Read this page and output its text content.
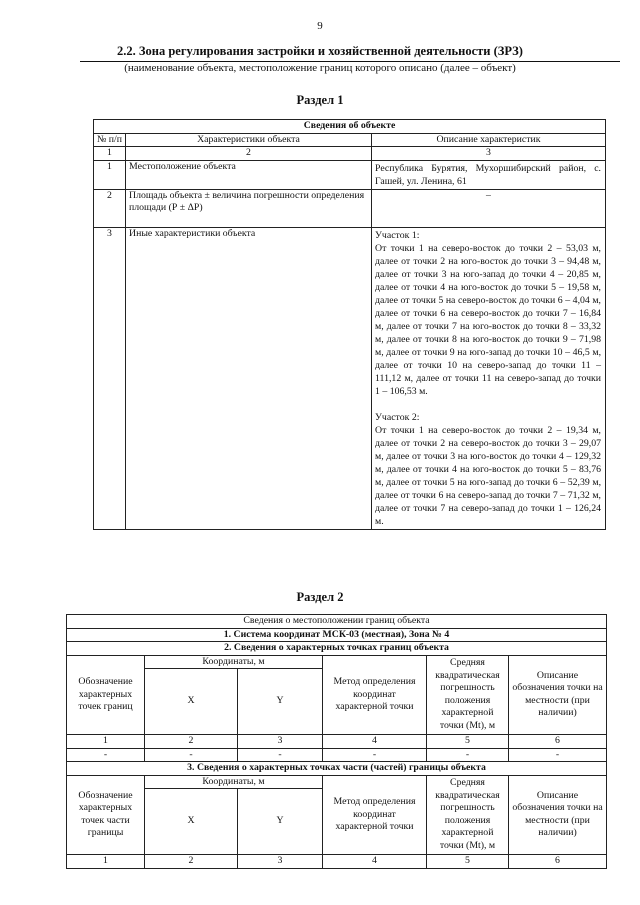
9
2.2. Зона регулирования застройки и хозяйственной деятельности (ЗРЗ)
(наименование объекта, местоположение границ которого описано (далее – объект)
Раздел 1
Сведения об объекте		
№ п/п	Характеристики объекта	Описание характеристик
1	2	3
1	Местоположение объекта	Республика Бурятия, Мухоршибирский район, с. Гашей, ул. Ленина, 61
2	Площадь объекта ± величина погрешности определения площади (Р ± ΔР)	–
3	Иные характеристики объекта	Участок 1:
От точки 1 на северо-восток до точки 2 – 53,03 м, далее от точки 2 на юго-восток до точки 3 – 94,48 м, далее от точки 3 на юго-запад до точки 4 – 20,85 м, далее от точки 4 на юго-восток до точки 5 – 19,58 м, далее от точки 5 на северо-восток до точки 6 – 4,04 м, далее от точки 6 на северо-восток до точки 7 – 16,84 м, далее от точки 7 на юго-восток до точки 8 – 33,32 м, далее от точки 8 на юго-восток до точки 9 – 71,98 м, далее от точки 9 на юго-запад до точки 10 – 46,5 м, далее от точки 10 на северо-запад до точки 11 – 111,12 м, далее от точки 11 на северо-запад до точки 1 – 106,53 м.
Участок 2:
От точки 1 на северо-восток до точки 2 – 19,34 м, далее от точки 2 на северо-восток до точки 3 – 29,07 м, далее от точки 3 на юго-восток до точки 4 – 129,32 м, далее от точки 4 на юго-восток до точки 5 – 83,76 м, далее от точки 5 на юго-запад до точки 6 – 52,39 м, далее от точки 6 на северо-запад до точки 7 – 71,32 м, далее от точки 7 на северо-запад до точки 1 – 126,24 м.
Раздел 2
Сведения о местоположении границ объекта					
1. Система координат МСК-03 (местная), Зона № 4					
2. Сведения о характерных точках границ объекта					
Обозначение характерных точек границ	Координаты, м		Метод определения координат характерной точки	Средняя квадратическая погрешность положения характерной точки (Мt), м	Описание обозначения точки на местности (при наличии)
	X	Y			
1	2	3	4	5	6
-	-	-	-	-	-
3. Сведения о характерных точках части (частей) границы объекта					
Обозначение характерных точек части границы	Координаты, м		Метод определения координат характерной точки	Средняя квадратическая погрешность положения характерной точки (Мt), м	Описание обозначения точки на местности (при наличии)
	X	Y			
1	2	3	4	5	6
